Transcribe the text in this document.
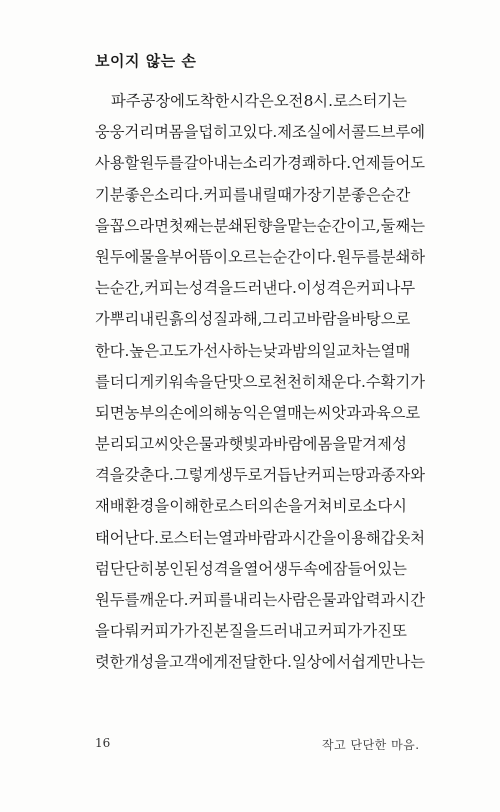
보이지 않는 손
파주공장에 도착한 시각은 오전 8시. 로스터기는
웅웅거리며 몸을 덥히고 있다. 제조실에서 콜드브루에
사용할 원두를 갈아내는 소리가 경쾌하다. 언제 들어도
기분 좋은 소리다. 커피를 내릴 때 가장 기분 좋은 순간
을 꼽으라면 첫째는 분쇄된 향을 맡는 순간이고, 둘째는
원두에 물을 부어 뜸이 오르는 순간이다. 원두를 분쇄하
는 순간, 커피는 성격을 드러낸다. 이 성격은 커피나무
가 뿌리 내린 흙의 성질과 해, 그리고 바람을 바탕으로
한다. 높은 고도가 선사하는 낮과 밤의 일교차는 열매
를 더디게 키워 속을 단맛으로 천천히 채운다. 수확기가
되면 농부의 손에 의해 농익은 열매는 씨앗과 과육으로
분리되고 씨앗은 물과 햇빛과 바람에 몸을 맡겨 제 성
격을 갖춘다. 그렇게 생두로 거듭난 커피는 땅과 종자와
재배 환경을 이해한 로스터의 손을 거쳐 비로소 다시
태어난다. 로스터는 열과 바람과 시간을 이용해 갑옷처
럼 단단히 봉인된 성격을 열어 생두 속에 잠들어 있는
원두를 깨운다. 커피를 내리는 사람은 물과 압력과 시간
을 다뤄 커피가 가진 본질을 드러내고 커피가 가진 또
렷한 개성을 고객에게 전달한다. 일상에서 쉽게 만나는
16	작고 단단한 마음.
